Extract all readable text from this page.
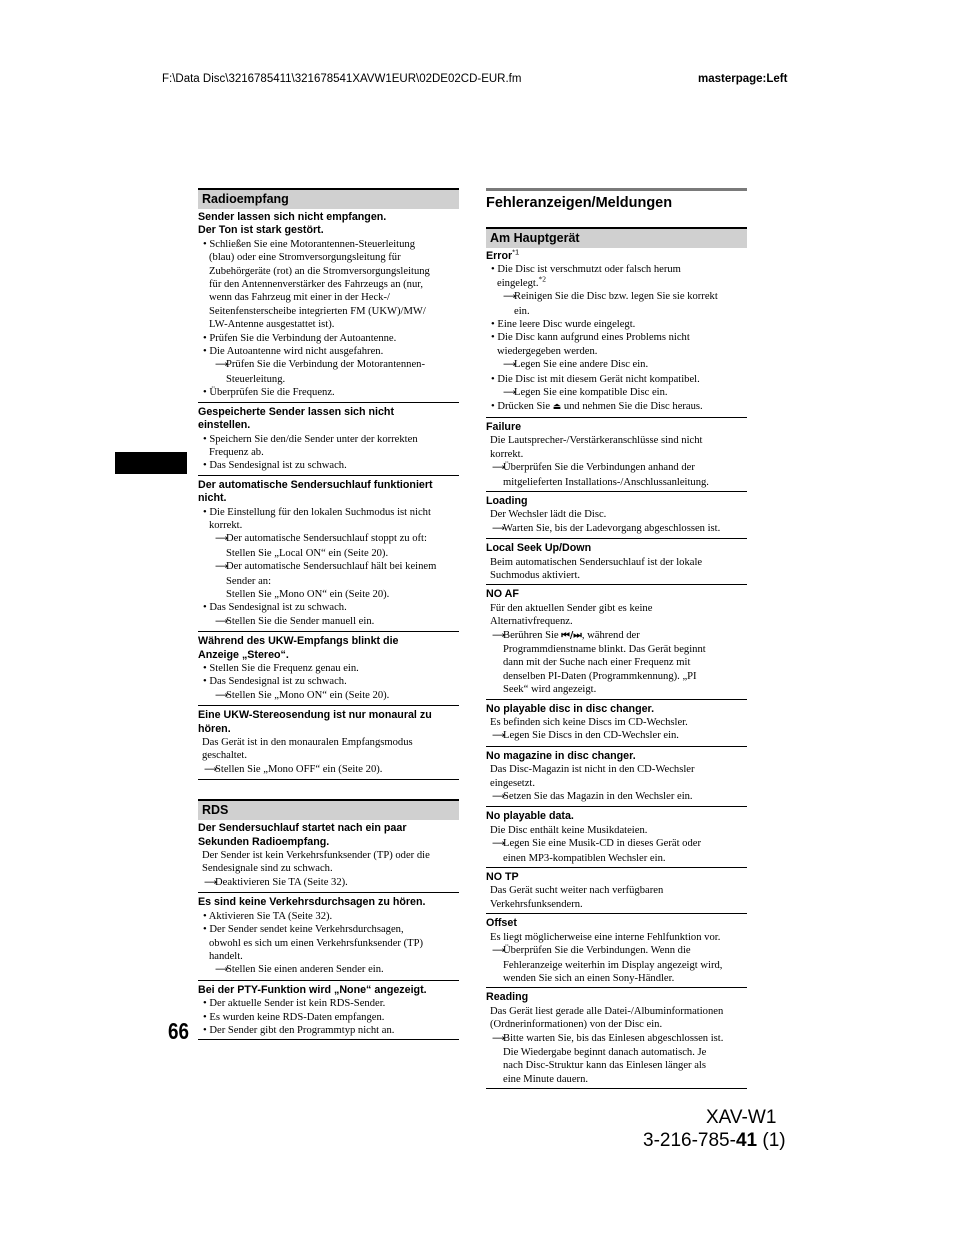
F:\Data Disc\3216785411\321678541XAVW1EUR\02DE02CD-EUR.fm	masterpage:Left
Radioempfang
Sender lassen sich nicht empfangen.
Der Ton ist stark gestört.
• Schließen Sie eine Motorantennen-Steuerleitung
(blau) oder eine Stromversorgungsleitung für
Zubehörgeräte (rot) an die Stromversorgungsleitung
für den Antennenverstärker des Fahrzeugs an (nur,
wenn das Fahrzeug mit einer in der Heck-/
Seitenfensterscheibe integrierten FM (UKW)/MW/
LW-Antenne ausgestattet ist).
• Prüfen Sie die Verbindung der Autoantenne.
• Die Autoantenne wird nicht ausgefahren.
⟶Prüfen Sie die Verbindung der Motorantennen-
Steuerleitung.
• Überprüfen Sie die Frequenz.
Gespeicherte Sender lassen sich nicht
einstellen.
• Speichern Sie den/die Sender unter der korrekten
Frequenz ab.
• Das Sendesignal ist zu schwach.
Der automatische Sendersuchlauf funktioniert
nicht.
• Die Einstellung für den lokalen Suchmodus ist nicht
korrekt.
⟶Der automatische Sendersuchlauf stoppt zu oft:
Stellen Sie „Local ON“ ein (Seite 20).
⟶Der automatische Sendersuchlauf hält bei keinem
Sender an:
Stellen Sie „Mono ON“ ein (Seite 20).
• Das Sendesignal ist zu schwach.
⟶Stellen Sie die Sender manuell ein.
Während des UKW-Empfangs blinkt die
Anzeige „Stereo“.
• Stellen Sie die Frequenz genau ein.
• Das Sendesignal ist zu schwach.
⟶Stellen Sie „Mono ON“ ein (Seite 20).
Eine UKW-Stereosendung ist nur monaural zu
hören.
Das Gerät ist in den monauralen Empfangsmodus
geschaltet.
⟶Stellen Sie „Mono OFF“ ein (Seite 20).
RDS
Der Sendersuchlauf startet nach ein paar
Sekunden Radioempfang.
Der Sender ist kein Verkehrsfunksender (TP) oder die
Sendesignale sind zu schwach.
⟶Deaktivieren Sie TA (Seite 32).
Es sind keine Verkehrsdurchsagen zu hören.
• Aktivieren Sie TA (Seite 32).
• Der Sender sendet keine Verkehrsdurchsagen,
obwohl es sich um einen Verkehrsfunksender (TP)
handelt.
⟶Stellen Sie einen anderen Sender ein.
Bei der PTY-Funktion wird „None“ angezeigt.
• Der aktuelle Sender ist kein RDS-Sender.
• Es wurden keine RDS-Daten empfangen.
• Der Sender gibt den Programmtyp nicht an.
Fehleranzeigen/Meldungen
Am Hauptgerät
Error$^{*1}$
• Die Disc ist verschmutzt oder falsch herum
eingelegt.$^{*2}$
⟶Reinigen Sie die Disc bzw. legen Sie sie korrekt
ein.
• Eine leere Disc wurde eingelegt.
• Die Disc kann aufgrund eines Problems nicht
wiedergegeben werden.
⟶Legen Sie eine andere Disc ein.
• Die Disc ist mit diesem Gerät nicht kompatibel.
⟶Legen Sie eine kompatible Disc ein.
• Drücken Sie ⏏ und nehmen Sie die Disc heraus.
Failure
Die Lautsprecher-/Verstärkeranschlüsse sind nicht
korrekt.
⟶Überprüfen Sie die Verbindungen anhand der
mitgelieferten Installations-/Anschlussanleitung.
Loading
Der Wechsler lädt die Disc.
⟶Warten Sie, bis der Ladevorgang abgeschlossen ist.
Local Seek Up/Down
Beim automatischen Sendersuchlauf ist der lokale
Suchmodus aktiviert.
NO AF
Für den aktuellen Sender gibt es keine
Alternativfrequenz.
⟶Berühren Sie ⏮/⏭, während der
Programmdienstname blinkt. Das Gerät beginnt
dann mit der Suche nach einer Frequenz mit
denselben PI-Daten (Programmkennung). „PI
Seek“ wird angezeigt.
No playable disc in disc changer.
Es befinden sich keine Discs im CD-Wechsler.
⟶Legen Sie Discs in den CD-Wechsler ein.
No magazine in disc changer.
Das Disc-Magazin ist nicht in den CD-Wechsler
eingesetzt.
⟶Setzen Sie das Magazin in den Wechsler ein.
No playable data.
Die Disc enthält keine Musikdateien.
⟶Legen Sie eine Musik-CD in dieses Gerät oder
einen MP3-kompatiblen Wechsler ein.
NO TP
Das Gerät sucht weiter nach verfügbaren
Verkehrsfunksendern.
Offset
Es liegt möglicherweise eine interne Fehlfunktion vor.
⟶Überprüfen Sie die Verbindungen. Wenn die
Fehleranzeige weiterhin im Display angezeigt wird,
wenden Sie sich an einen Sony-Händler.
Reading
Das Gerät liest gerade alle Datei-/Albuminformationen
(Ordnerinformationen) von der Disc ein.
⟶Bitte warten Sie, bis das Einlesen abgeschlossen ist.
Die Wiedergabe beginnt danach automatisch. Je
nach Disc-Struktur kann das Einlesen länger als
eine Minute dauern.
66
XAV-W1
3-216-785-41 (1)
